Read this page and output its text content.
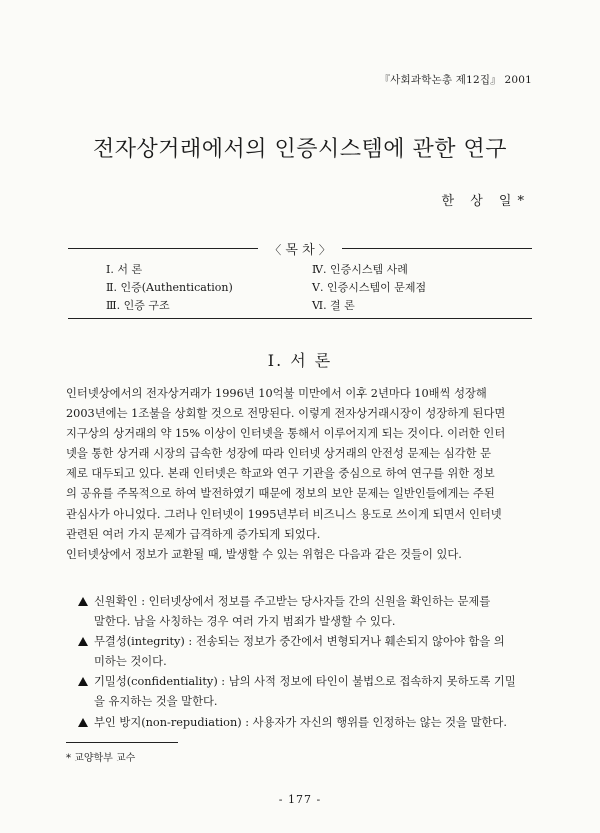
『사회과학논총 제12집』 2001
전자상거래에서의 인증시스템에 관한 연구
한 상 일*
〈 목 차 〉
Ⅰ. 서 론
Ⅱ. 인증(Authentication)
Ⅲ. 인증 구조
Ⅳ. 인증시스템 사례
Ⅴ. 인증시스템이 문제점
Ⅵ. 결 론
Ⅰ. 서 론
인터넷상에서의 전자상거래가 1996년 10억불 미만에서 이후 2년마다 10배씩 성장해
2003년에는 1조불을 상회할 것으로 전망된다. 이렇게 전자상거래시장이 성장하게 된다면
지구상의 상거래의 약 15% 이상이 인터넷을 통해서 이루어지게 되는 것이다. 이러한 인터
넷을 통한 상거래 시장의 급속한 성장에 따라 인터넷 상거래의 안전성 문제는 심각한 문
제로 대두되고 있다. 본래 인터넷은 학교와 연구 기관을 중심으로 하여 연구를 위한 정보
의 공유를 주목적으로 하여 발전하였기 때문에 정보의 보안 문제는 일반인들에게는 주된
관심사가 아니었다. 그러나 인터넷이 1995년부터 비즈니스 용도로 쓰이게 되면서 인터넷
관련된 여러 가지 문제가 급격하게 증가되게 되었다.
인터넷상에서 정보가 교환될 때, 발생할 수 있는 위험은 다음과 같은 것들이 있다.
신원확인 : 인터넷상에서 정보를 주고받는 당사자들 간의 신원을 확인하는 문제를
말한다. 남을 사칭하는 경우 여러 가지 범죄가 발생할 수 있다.
무결성(integrity) : 전송되는 정보가 중간에서 변형되거나 훼손되지 않아야 함을 의
미하는 것이다.
기밀성(confidentiality) : 남의 사적 정보에 타인이 불법으로 접속하지 못하도록 기밀
을 유지하는 것을 말한다.
부인 방지(non-repudiation) : 사용자가 자신의 행위를 인정하는 않는 것을 말한다.
* 교양학부 교수
- 177 -
